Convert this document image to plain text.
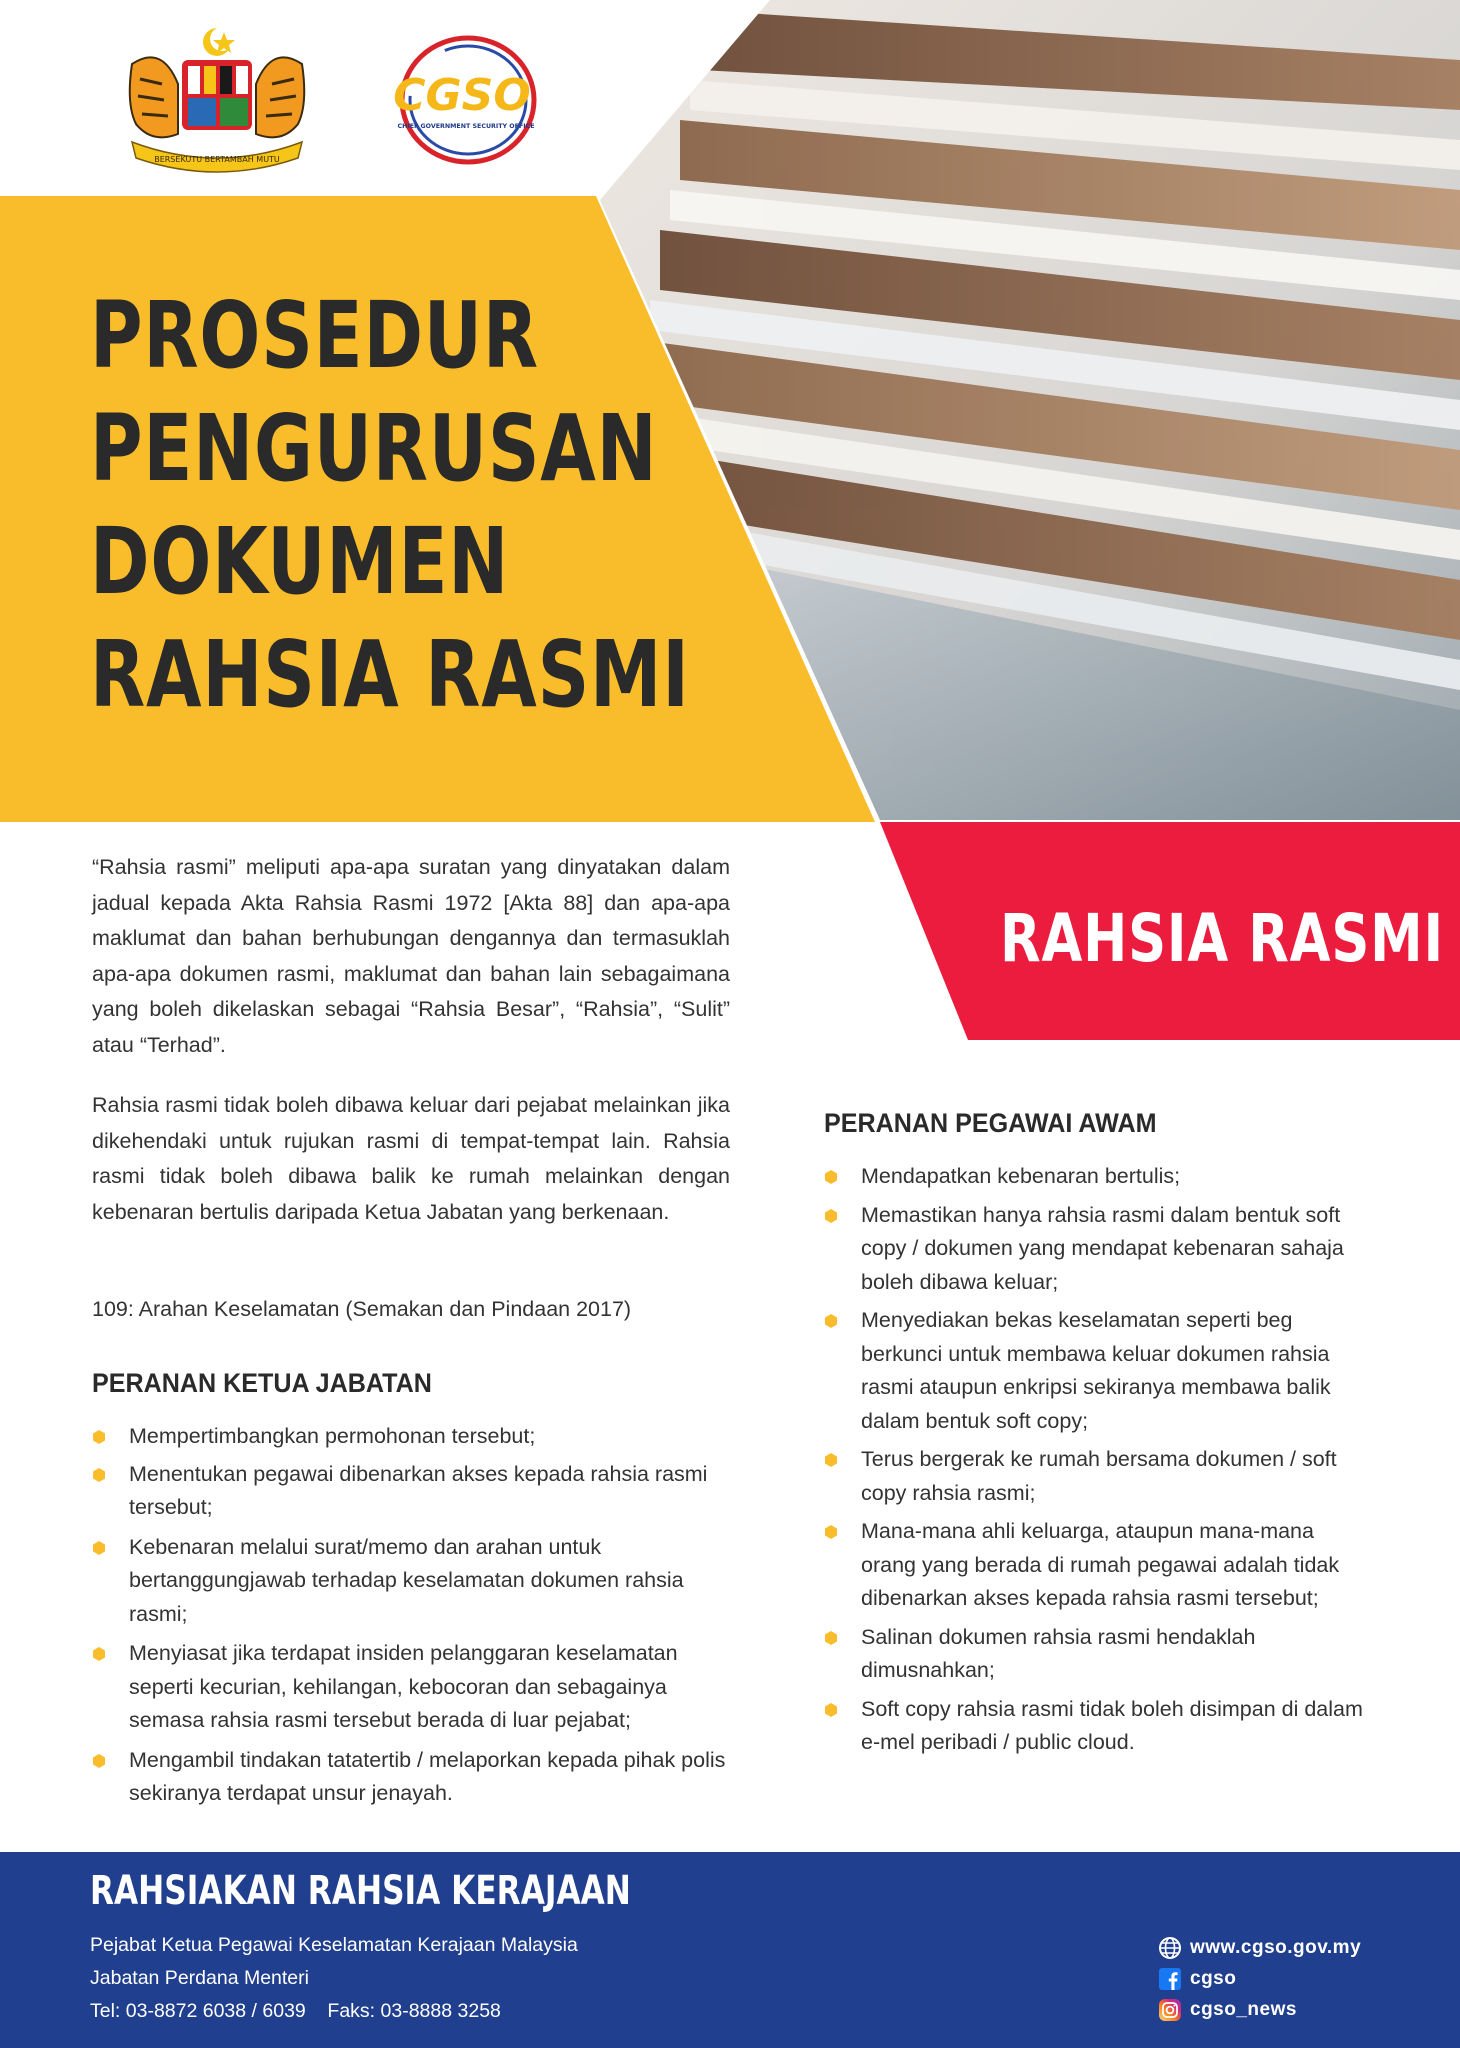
BERSEKUTU BERTAMBAH MUTU
CGSO
CHIEF GOVERNMENT SECURITY OFFICE
PROSEDUR
PENGURUSAN
DOKUMEN
RAHSIA RASMI
RAHSIA RASMI

“Rahsia rasmi” meliputi apa-apa suratan yang dinyatakan dalam jadual kepada Akta Rahsia Rasmi 1972 [Akta 88] dan apa-apa maklumat dan bahan berhubungan dengannya dan termasuklah apa-apa dokumen rasmi, maklumat dan bahan lain sebagaimana yang boleh dikelaskan sebagai “Rahsia Besar”, “Rahsia”, “Sulit” atau “Terhad”.

Rahsia rasmi tidak boleh dibawa keluar dari pejabat melainkan jika dikehendaki untuk rujukan rasmi di tempat-tempat lain. Rahsia rasmi tidak boleh dibawa balik ke rumah melainkan dengan kebenaran bertulis daripada Ketua Jabatan yang berkenaan.

109: Arahan Keselamatan (Semakan dan Pindaan 2017)
PERANAN KETUA JABATAN
Mempertimbangkan permohonan tersebut;
Menentukan pegawai dibenarkan akses kepada rahsia rasmi tersebut;
Kebenaran melalui surat/memo dan arahan untuk bertanggungjawab terhadap keselamatan dokumen rahsia rasmi;
Menyiasat jika terdapat insiden pelanggaran keselamatan seperti kecurian, kehilangan, kebocoran dan sebagainya semasa rahsia rasmi tersebut berada di luar pejabat;
Mengambil tindakan tatatertib / melaporkan kepada pihak polis sekiranya terdapat unsur jenayah.
PERANAN PEGAWAI AWAM
Mendapatkan kebenaran bertulis;
Memastikan hanya rahsia rasmi dalam bentuk soft copy / dokumen yang mendapat kebenaran sahaja boleh dibawa keluar;
Menyediakan bekas keselamatan seperti beg berkunci untuk membawa keluar dokumen rahsia rasmi ataupun enkripsi sekiranya membawa balik dalam bentuk soft copy;
Terus bergerak ke rumah bersama dokumen / soft copy rahsia rasmi;
Mana-mana ahli keluarga, ataupun mana-mana orang yang berada di rumah pegawai adalah tidak dibenarkan akses kepada rahsia rasmi tersebut;
Salinan dokumen rahsia rasmi hendaklah dimusnahkan;
Soft copy rahsia rasmi tidak boleh disimpan di dalam e-mel peribadi / public cloud.
RAHSIAKAN RAHSIA KERAJAAN
Pejabat Ketua Pegawai Keselamatan Kerajaan Malaysia
Jabatan Perdana Menteri
Tel: 03-8872 6038 / 6039    Faks: 03-8888 3258
www.cgso.gov.my
cgso
cgso_news
